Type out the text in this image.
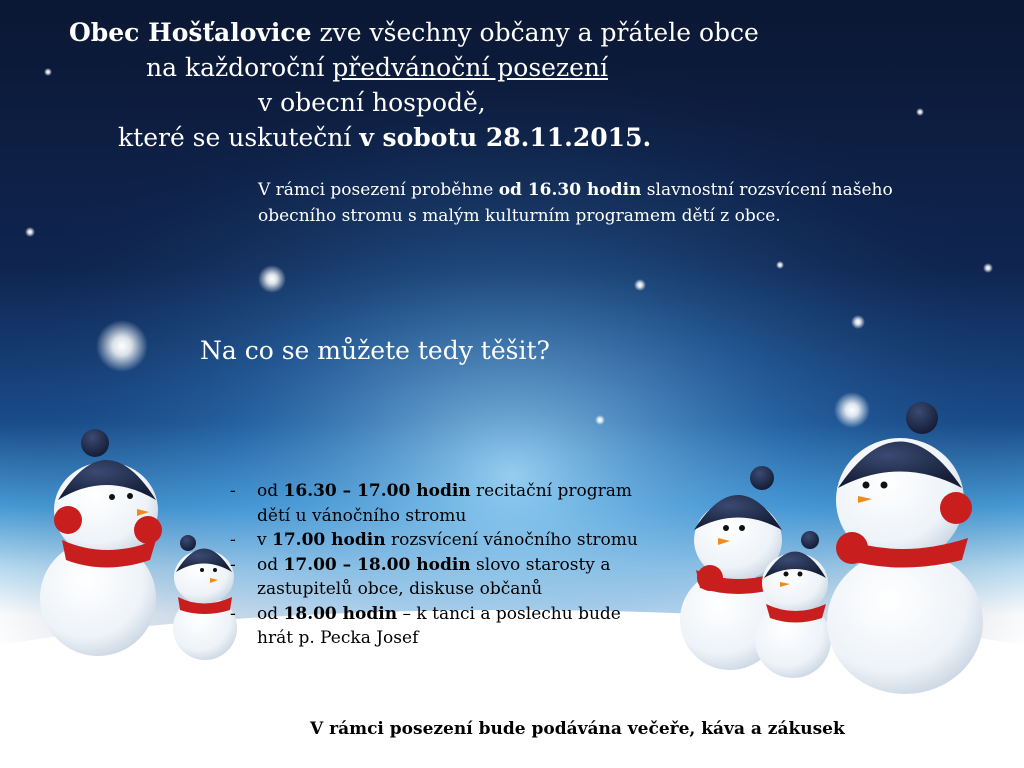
Obec Hošťalovice zve všechny občany a přátele obce
na každoroční předvánoční posezení
v obecní hospodě,
které se uskuteční v sobotu 28.11.2015.
V rámci posezení proběhne od 16.30 hodin slavnostní rozsvícení našeho
obecního stromu s malým kulturním programem dětí z obce.
Na co se můžete tedy těšit?
- od 16.30 – 17.00 hodin recitační program
dětí u vánočního stromu
- v 17.00 hodin rozsvícení vánočního stromu
- od 17.00 – 18.00 hodin slovo starosty a
zastupitelů obce, diskuse občanů
- od 18.00 hodin – k tanci a poslechu bude
hrát p. Pecka Josef
V rámci posezení bude podávána večeře, káva a zákusek
